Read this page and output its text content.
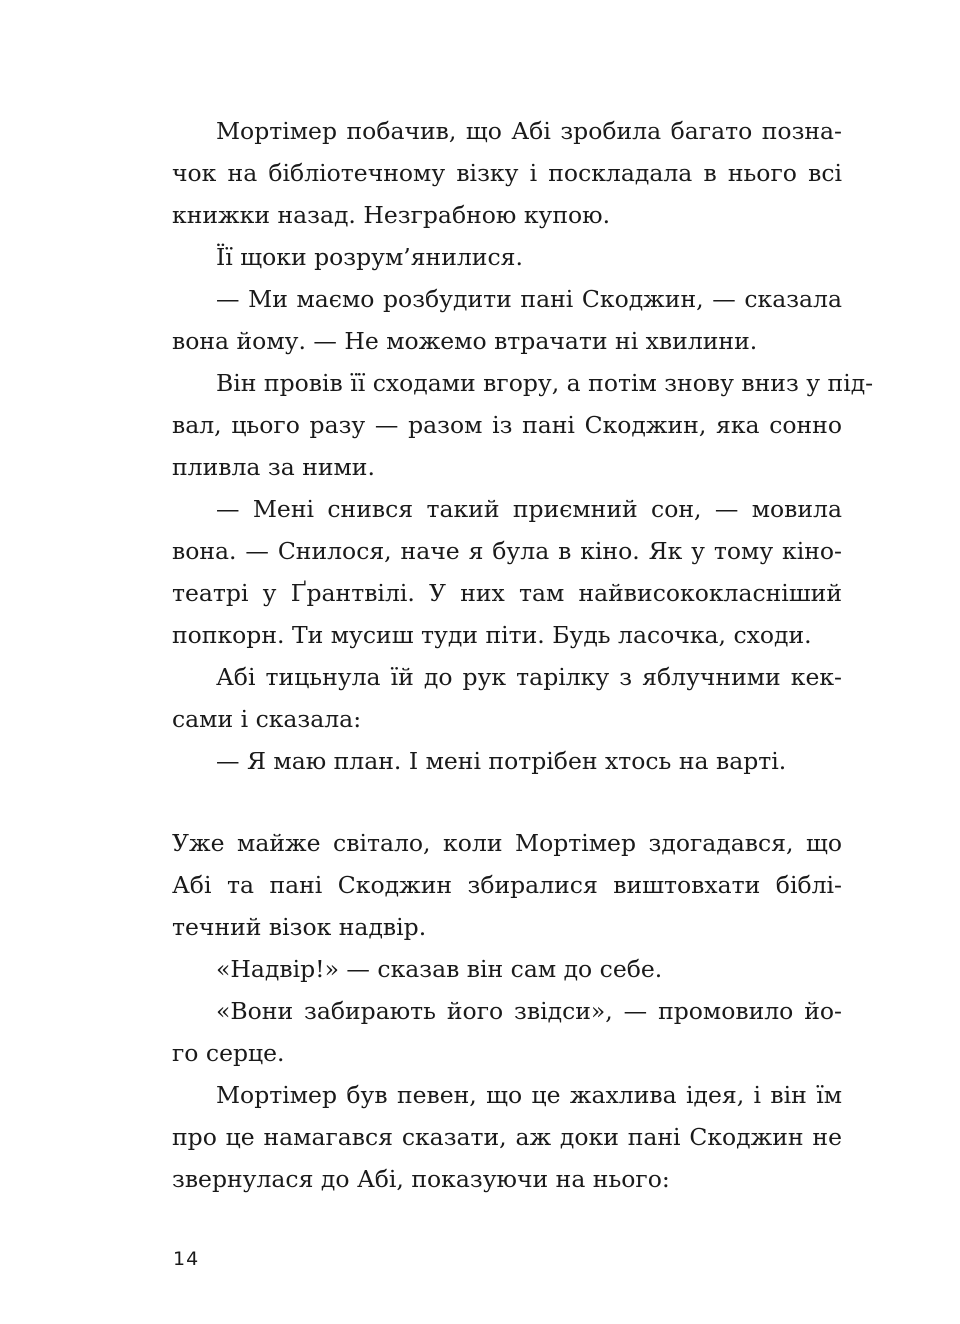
Мортімер побачив, що Абі зробила багато позна-
чок на бібліотечному візку і поскладала в нього всі
книжки назад. Незграбною купою.
Її щоки розрум’янилися.
— Ми маємо розбудити пані Скоджин, — сказала
вона йому. — Не можемо втрачати ні хвилини.
Він провів її сходами вгору, а потім знову вниз у під-
вал, цього разу — разом із пані Скоджин, яка сонно
пливла за ними.
— Мені снився такий приємний сон, — мовила
вона. — Снилося, наче я була в кіно. Як у тому кіно-
театрі у Ґрантвілі. У них там найвисококласніший
попкорн. Ти мусиш туди піти. Будь ласочка, сходи.
Абі тицьнула їй до рук тарілку з яблучними кек-
сами і сказала:
— Я маю план. І мені потрібен хтось на варті.
Уже майже світало, коли Мортімер здогадався, що
Абі та пані Скоджин збиралися виштовхати біблі-
течний візок надвір.
«Надвір!» — сказав він сам до себе.
«Вони забирають його звідси», — промовило йо-
го серце.
Мортімер був певен, що це жахлива ідея, і він їм
про це намагався сказати, аж доки пані Скоджин не
звернулася до Абі, показуючи на нього:
14
